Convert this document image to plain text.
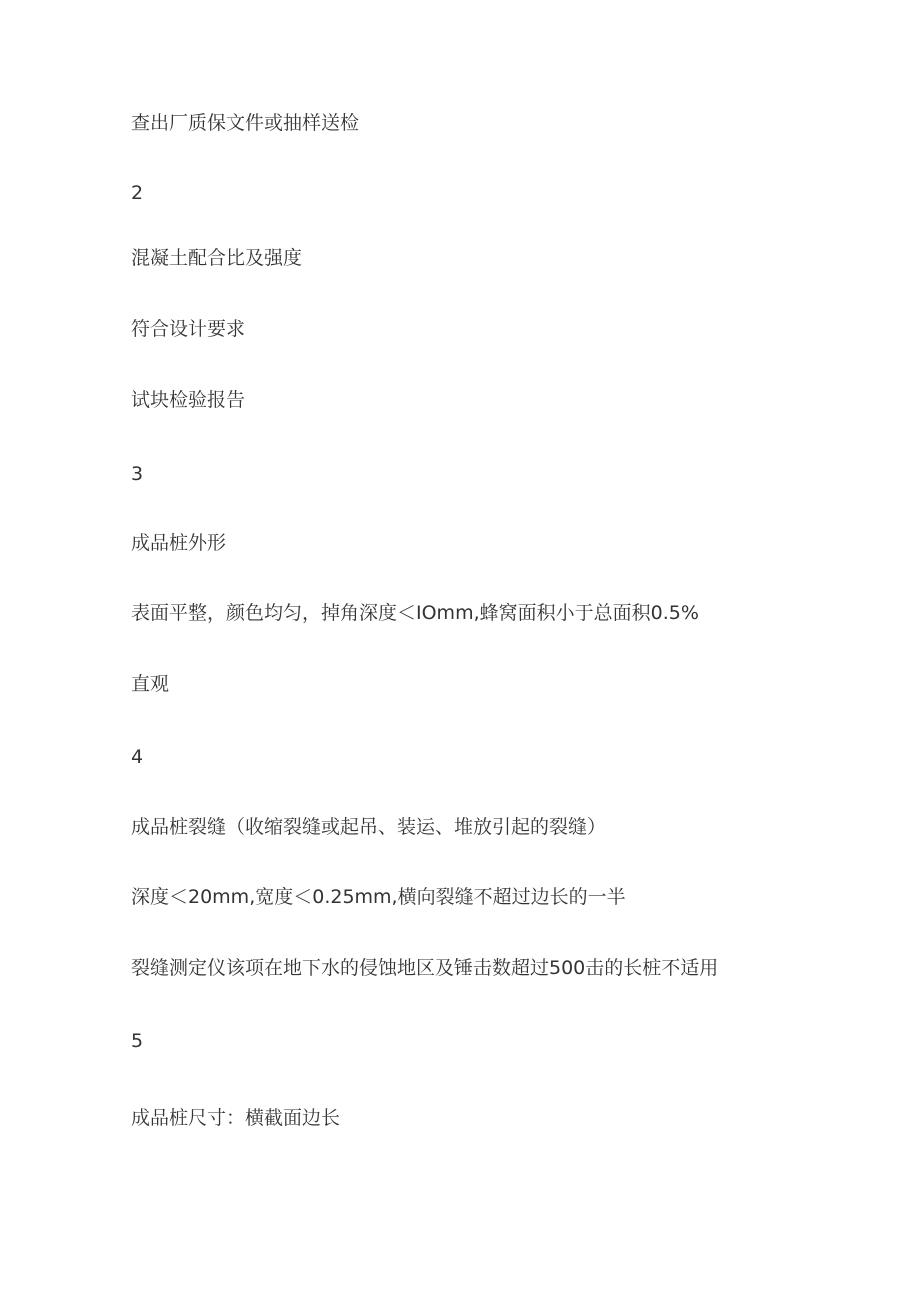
查出厂质保文件或抽样送检
2
混凝土配合比及强度
符合设计要求
试块检验报告
3
成品桩外形
表面平整，颜色均匀，掉角深度＜IOmm,蜂窝面积小于总面积0.5%
直观
4
成品桩裂缝（收缩裂缝或起吊、装运、堆放引起的裂缝）
深度＜20mm,宽度＜0.25mm,横向裂缝不超过边长的一半
裂缝测定仪该项在地下水的侵蚀地区及锤击数超过500击的长桩不适用
5
成品桩尺寸：横截面边长
